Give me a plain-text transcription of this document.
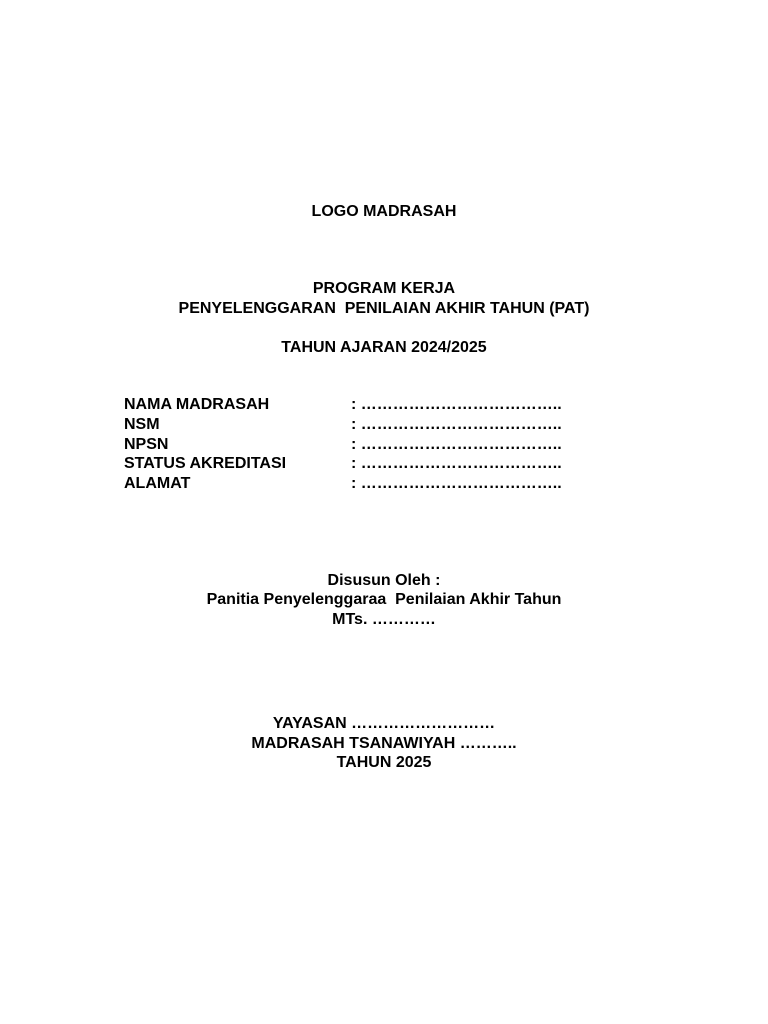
LOGO MADRASAH
PROGRAM KERJA
PENYELENGGARAN  PENILAIAN AKHIR TAHUN (PAT)
TAHUN AJARAN 2024/2025
NAMA MADRASAH	: ………………………………..
NSM	: ………………………………..
NPSN	: ………………………………..
STATUS AKREDITASI	: ………………………………..
ALAMAT	: ………………………………..
Disusun Oleh :
Panitia Penyelenggaraa  Penilaian Akhir Tahun
MTs. …………
YAYASAN ………………………
MADRASAH TSANAWIYAH ………..
TAHUN 2025
